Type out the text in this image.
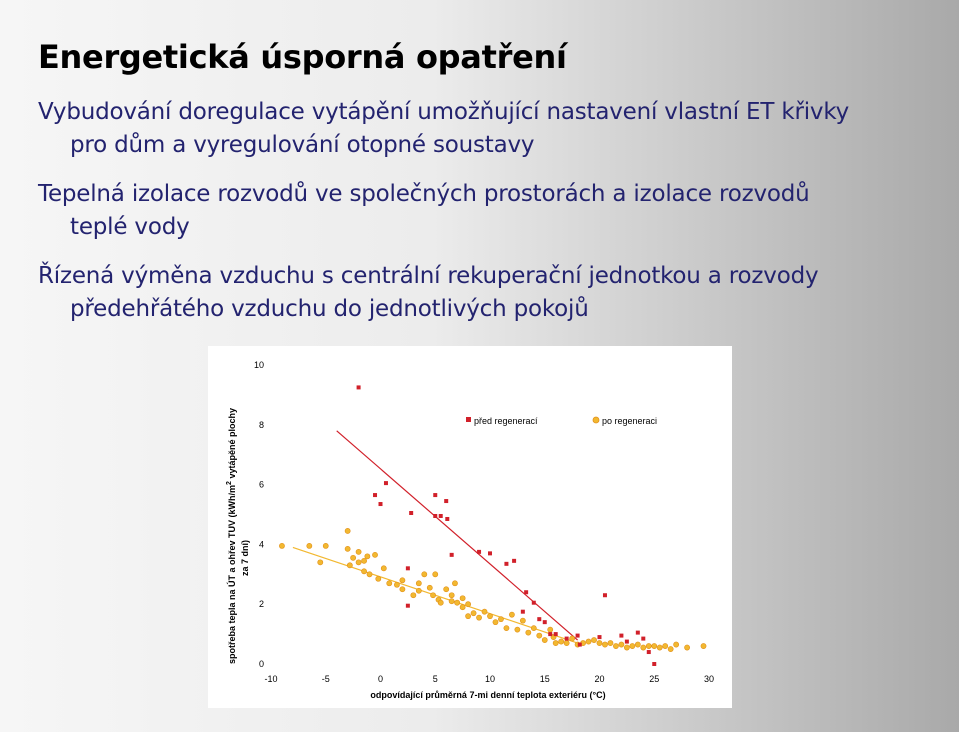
Energetická úsporná opatření
Vybudování doregulace vytápění umožňující nastavení vlastní ET křivky
pro dům a vyregulování otopné soustavy
Tepelná izolace rozvodů ve společných prostorách a izolace rozvodů
teplé vody
Řízená výměna vzduchu s centrální rekuperační jednotkou a rozvody
předehřátého vzduchu do jednotlivých pokojů
0
2
4
6
8
10
-10	-5	0	5	10	15	20	25	30
odpovídající průměrná 7-mi denní teplota exteriéru (°C)
spotřeba tepla na ÚT a ohřev TUV ($kWh/m^2$ vytápěné plochy
za 7 dní)
před regenerací	po regeneraci
